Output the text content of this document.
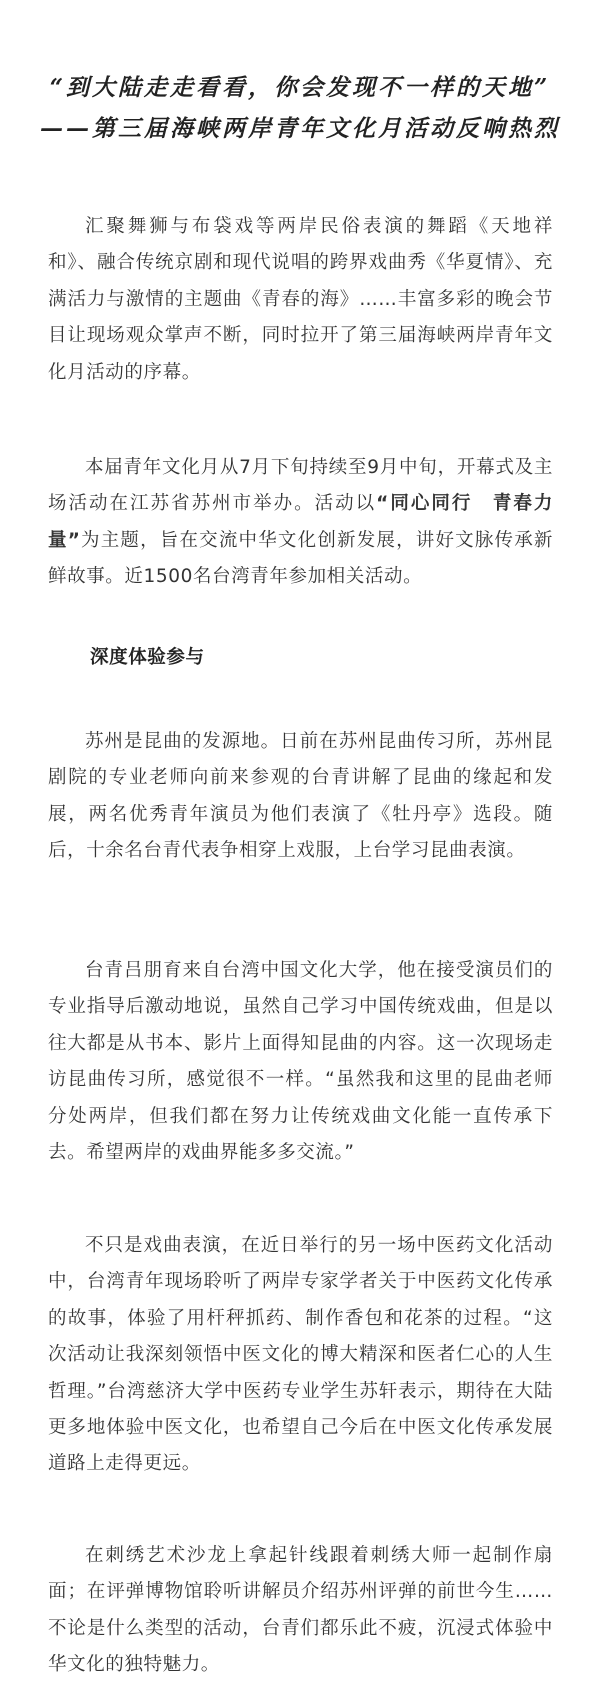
“到大陆走走看看，你会发现不一样的天地”
——第三届海峡两岸青年文化月活动反响热烈

汇聚舞狮与布袋戏等两岸民俗表演的舞蹈《天地祥和》、融合传统京剧和现代说唱的跨界戏曲秀《华夏情》、充满活力与激情的主题曲《青春的海》……丰富多彩的晚会节目让现场观众掌声不断，同时拉开了第三届海峡两岸青年文化月活动的序幕。

本届青年文化月从7月下旬持续至9月中旬，开幕式及主场活动在江苏省苏州市举办。活动以“同心同行　青春力量”为主题，旨在交流中华文化创新发展，讲好文脉传承新鲜故事。近1500名台湾青年参加相关活动。

深度体验参与

苏州是昆曲的发源地。日前在苏州昆曲传习所，苏州昆剧院的专业老师向前来参观的台青讲解了昆曲的缘起和发展，两名优秀青年演员为他们表演了《牡丹亭》选段。随后，十余名台青代表争相穿上戏服，上台学习昆曲表演。

台青吕朋育来自台湾中国文化大学，他在接受演员们的专业指导后激动地说，虽然自己学习中国传统戏曲，但是以往大都是从书本、影片上面得知昆曲的内容。这一次现场走访昆曲传习所，感觉很不一样。“虽然我和这里的昆曲老师分处两岸，但我们都在努力让传统戏曲文化能一直传承下去。希望两岸的戏曲界能多多交流。”

不只是戏曲表演，在近日举行的另一场中医药文化活动中，台湾青年现场聆听了两岸专家学者关于中医药文化传承的故事，体验了用杆秤抓药、制作香包和花茶的过程。“这次活动让我深刻领悟中医文化的博大精深和医者仁心的人生哲理。”台湾慈济大学中医药专业学生苏轩表示，期待在大陆更多地体验中医文化，也希望自己今后在中医文化传承发展道路上走得更远。

在刺绣艺术沙龙上拿起针线跟着刺绣大师一起制作扇面；在评弹博物馆聆听讲解员介绍苏州评弹的前世今生……不论是什么类型的活动，台青们都乐此不疲，沉浸式体验中华文化的独特魅力。
